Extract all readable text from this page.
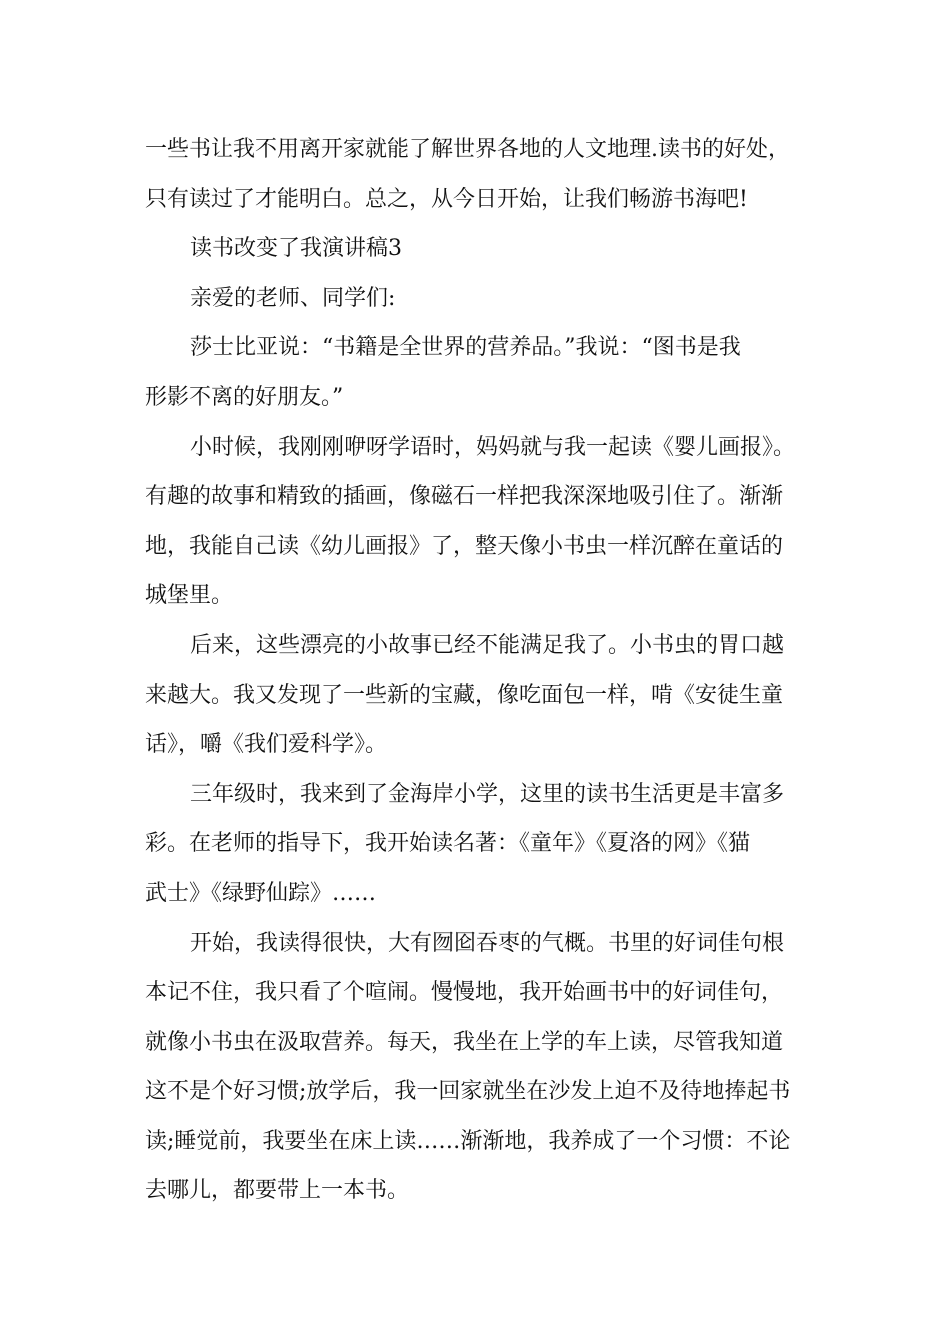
一些书让我不用离开家就能了解世界各地的人文地理.读书的好处，
只有读过了才能明白。总之，从今日开始，让我们畅游书海吧!
读书改变了我演讲稿3
亲爱的老师、同学们:
莎士比亚说：“书籍是全世界的营养品。”我说：“图书是我
形影不离的好朋友。”
小时候，我刚刚咿呀学语时，妈妈就与我一起读《婴儿画报》。
有趣的故事和精致的插画，像磁石一样把我深深地吸引住了。渐渐
地，我能自己读《幼儿画报》了，整天像小书虫一样沉醉在童话的
城堡里。
后来，这些漂亮的小故事已经不能满足我了。小书虫的胃口越
来越大。我又发现了一些新的宝藏，像吃面包一样，啃《安徒生童
话》，嚼《我们爱科学》。
三年级时，我来到了金海岸小学，这里的读书生活更是丰富多
彩。在老师的指导下，我开始读名著：《童年》《夏洛的网》《猫
武士》《绿野仙踪》……
开始，我读得很快，大有囫囵吞枣的气概。书里的好词佳句根
本记不住，我只看了个喧闹。慢慢地，我开始画书中的好词佳句，
就像小书虫在汲取营养。每天，我坐在上学的车上读，尽管我知道
这不是个好习惯;放学后，我一回家就坐在沙发上迫不及待地捧起书
读;睡觉前，我要坐在床上读……渐渐地，我养成了一个习惯：不论
去哪儿，都要带上一本书。
